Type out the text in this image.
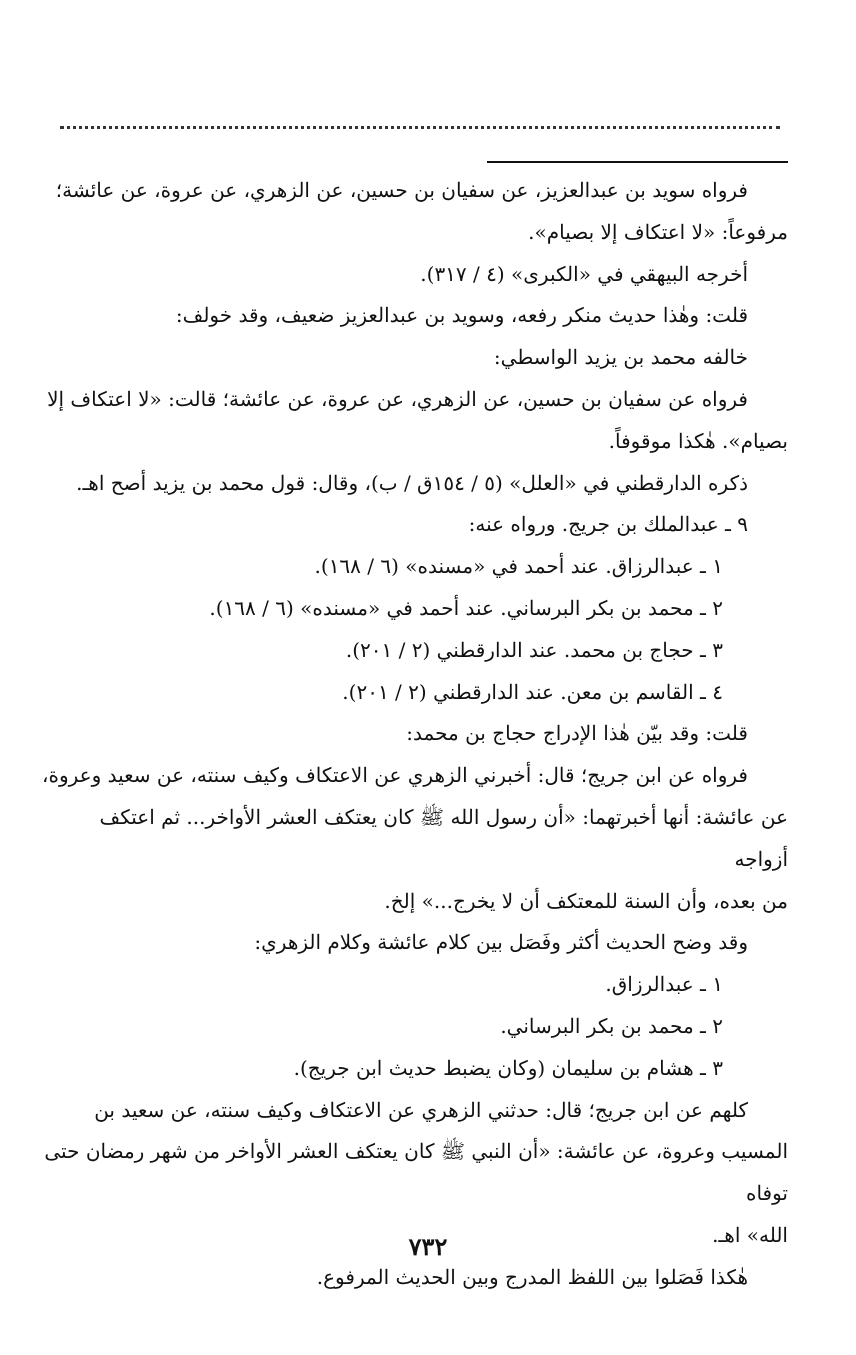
فرواه سويد بن عبدالعزيز، عن سفيان بن حسين، عن الزهري، عن عروة، عن عائشة؛

مرفوعاً: «لا اعتكاف إلا بصيام».

أخرجه البيهقي في «الكبرى» (٤ / ٣١٧).

قلت: وهٰذا حديث منكر رفعه، وسويد بن عبدالعزيز ضعيف، وقد خولف:

خالفه محمد بن يزيد الواسطي:

فرواه عن سفيان بن حسين، عن الزهري، عن عروة، عن عائشة؛ قالت: «لا اعتكاف إلا

بصيام». هٰكذا موقوفاً.

ذكره الدارقطني في «العلل» (٥ / ١٥٤ق / ب)، وقال: قول محمد بن يزيد أصح اهـ.

٩ ـ عبدالملك بن جريج. ورواه عنه:

١ ـ عبدالرزاق. عند أحمد في «مسنده» (٦ / ١٦٨).

٢ ـ محمد بن بكر البرساني. عند أحمد في «مسنده» (٦ / ١٦٨).

٣ ـ حجاج بن محمد. عند الدارقطني (٢ / ٢٠١).

٤ ـ القاسم بن معن. عند الدارقطني (٢ / ٢٠١).

قلت: وقد بيّن هٰذا الإدراج حجاج بن محمد:

فرواه عن ابن جريج؛ قال: أخبرني الزهري عن الاعتكاف وكيف سنته، عن سعيد وعروة،

عن عائشة: أنها أخبرتهما: «أن رسول الله ﷺ كان يعتكف العشر الأواخر... ثم اعتكف أزواجه

من بعده، وأن السنة للمعتكف أن لا يخرج...» إلخ.

وقد وضح الحديث أكثر وفَصَل بين كلام عائشة وكلام الزهري:

١ ـ عبدالرزاق.

٢ ـ محمد بن بكر البرساني.

٣ ـ هشام بن سليمان (وكان يضبط حديث ابن جريج).

كلهم عن ابن جريج؛ قال: حدثني الزهري عن الاعتكاف وكيف سنته، عن سعيد بن

المسيب وعروة، عن عائشة: «أن النبي ﷺ كان يعتكف العشر الأواخر من شهر رمضان حتى توفاه

الله» اهـ.

هٰكذا فَصَلوا بين اللفظ المدرج وبين الحديث المرفوع.

٧٣٢
